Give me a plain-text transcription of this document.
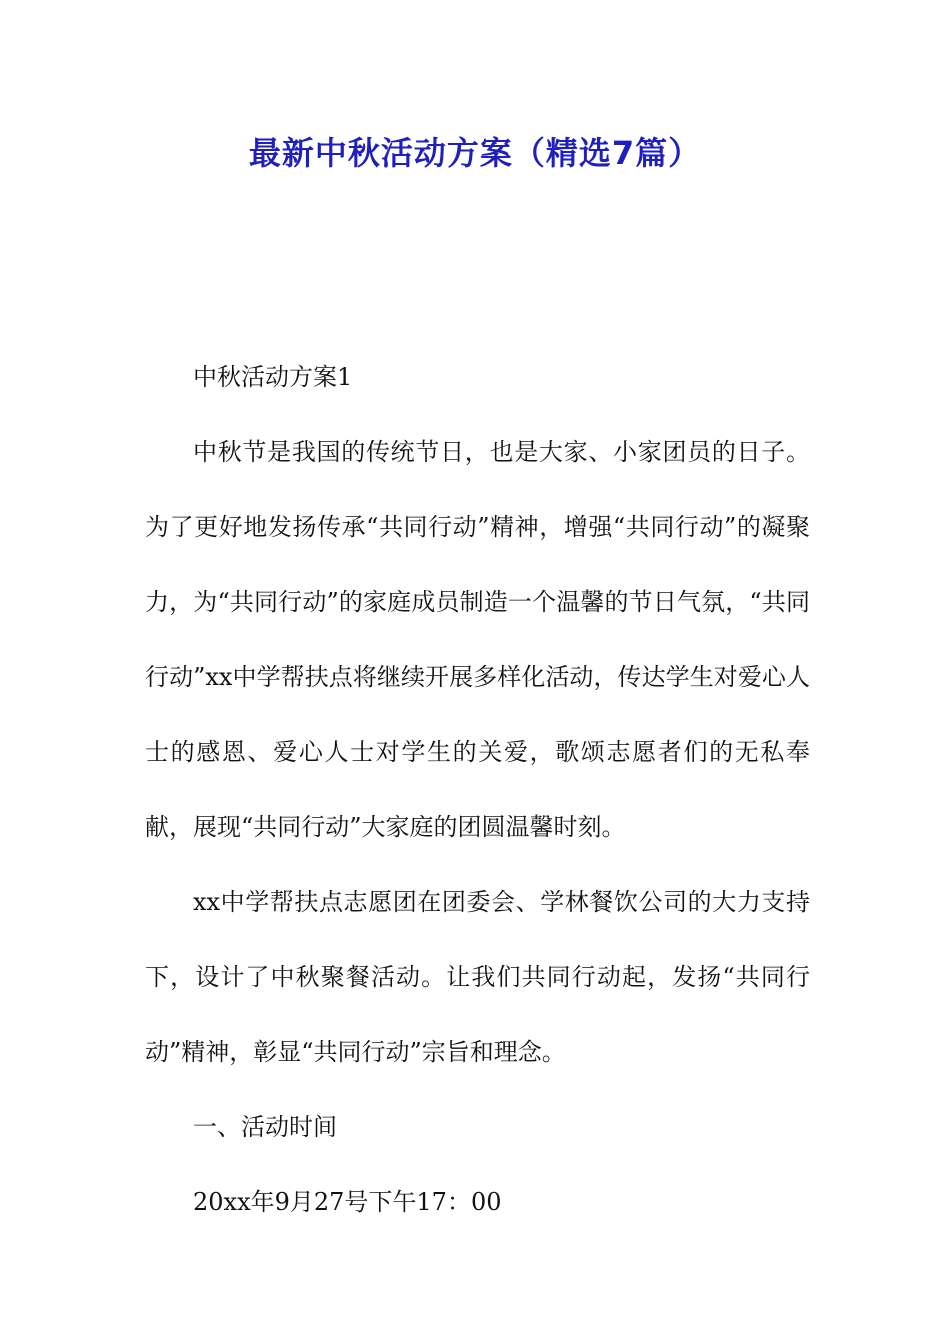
最新中秋活动方案（精选7篇）

中秋活动方案1

中秋节是我国的传统节日，也是大家、小家团员的日子。为了更好地发扬传承“共同行动”精神，增强“共同行动”的凝聚力，为“共同行动”的家庭成员制造一个温馨的节日气氛，“共同行动”xx中学帮扶点将继续开展多样化活动，传达学生对爱心人士的感恩、爱心人士对学生的关爱，歌颂志愿者们的无私奉献，展现“共同行动”大家庭的团圆温馨时刻。

xx中学帮扶点志愿团在团委会、学林餐饮公司的大力支持下，设计了中秋聚餐活动。让我们共同行动起，发扬“共同行动”精神，彰显“共同行动”宗旨和理念。

一、活动时间

20xx年9月27号下午17：00
